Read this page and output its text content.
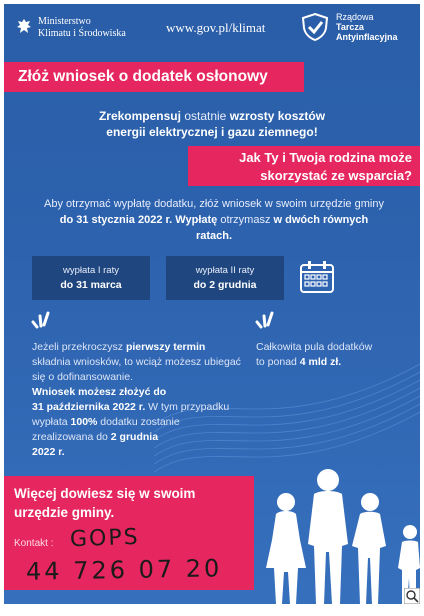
Ministerstwo
Klimatu i Środowiska	www.gov.pl/klimat
Rządowa
Tarcza
Antyinflacyjna
Złóż wniosek o dodatek osłonowy
Zrekompensuj ostatnie wzrosty kosztów
energii elektrycznej i gazu ziemnego!
Jak Ty i Twoja rodzina może
skorzystać ze wsparcia?
Aby otrzymać wypłatę dodatku, złóż wniosek w swoim urzędzie gminy
do 31 stycznia 2022 r. Wypłatę otrzymasz w dwóch równych
ratach.
wypłata I raty
do 31 marca
wypłata II raty
do 2 grudnia
Jeżeli przekroczysz pierwszy termin
składnia wniosków, to wciąż możesz ubiegać się o dofinansowanie.
Wniosek możesz złożyć do
31 października 2022 r. W tym przypadku wypłata 100% dodatku zostanie zrealizowana do 2 grudnia
2022 r.
Całkowita pula dodatków
to ponad 4 mld zł.
Więcej dowiesz się w swoim urzędzie gminy.
Kontakt : GOPS
44 726 07 20
